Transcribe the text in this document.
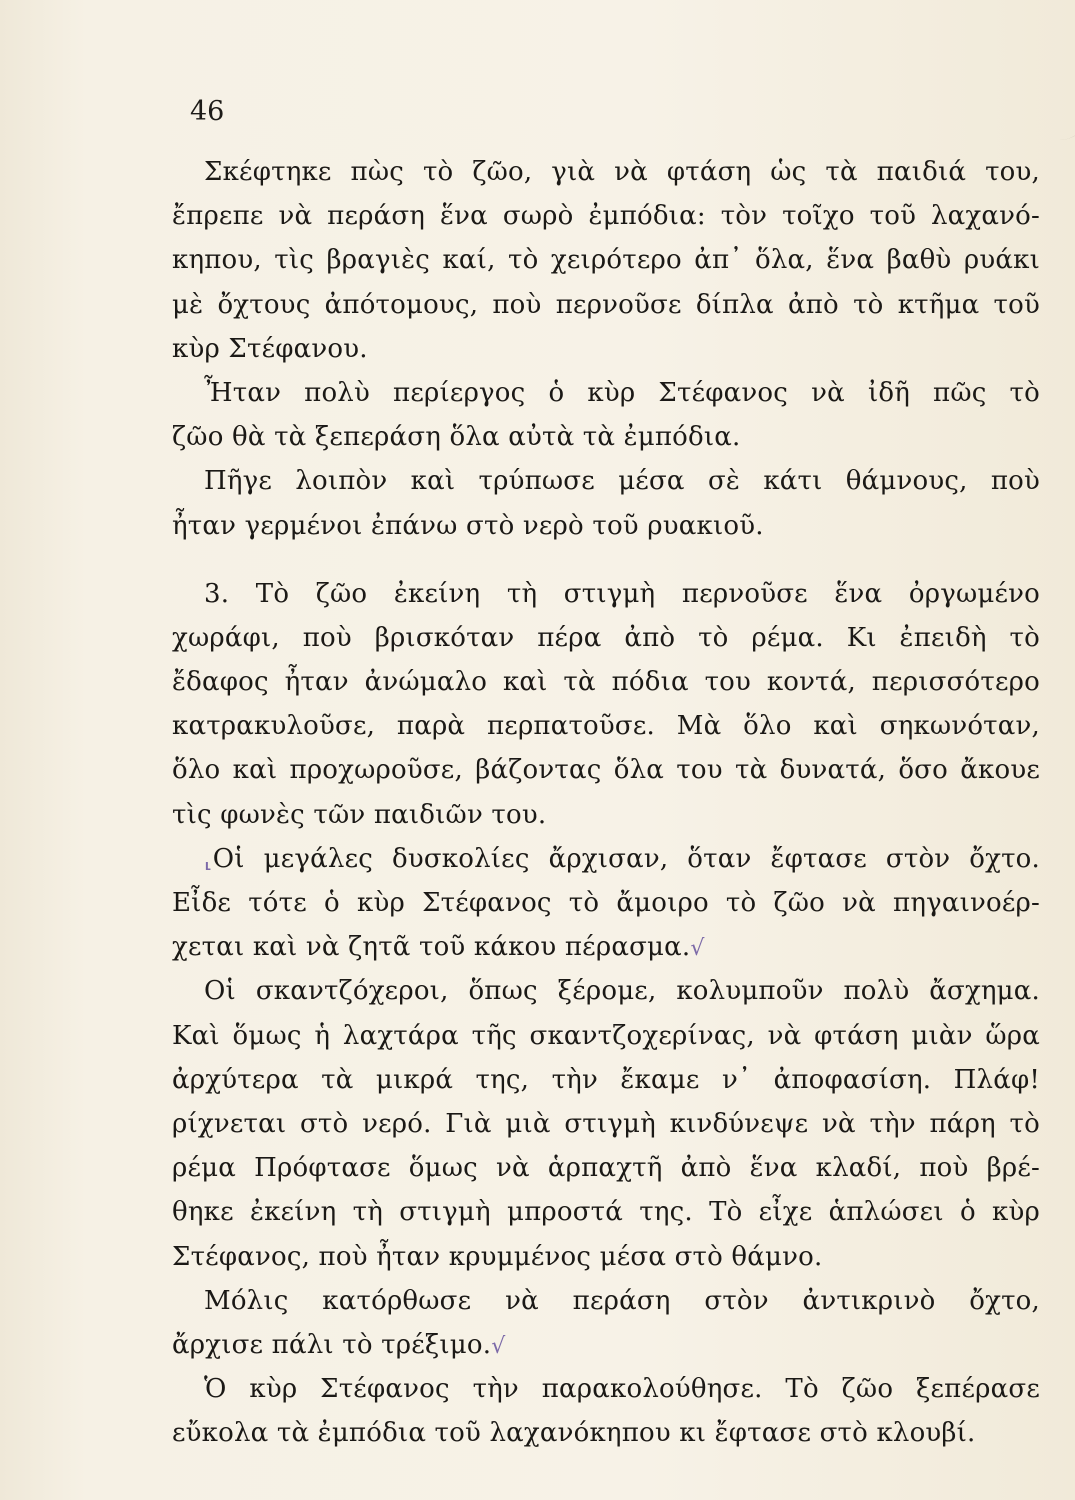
46
Σκέφτηκε πὼς τὸ ζῶο, γιὰ νὰ φτάση ὡς τὰ παιδιά του,
ἔπρεπε νὰ περάση ἕνα σωρὸ ἐμπόδια: τὸν τοῖχο τοῦ λαχανό-
κηπου, τὶς βραγιὲς καί, τὸ χειρότερο ἀπ᾽ ὅλα, ἕνα βαθὺ ρυάκι
μὲ ὄχτους ἀπότομους, ποὺ περνοῦσε δίπλα ἀπὸ τὸ κτῆμα τοῦ
κὺρ Στέφανου.
Ἦταν πολὺ περίεργος ὁ κὺρ Στέφανος νὰ ἰδῆ πῶς τὸ
ζῶο θὰ τὰ ξεπεράση ὅλα αὐτὰ τὰ ἐμπόδια.
Πῆγε λοιπὸν καὶ τρύπωσε μέσα σὲ κάτι θάμνους, ποὺ
ἦταν γερμένοι ἐπάνω στὸ νερὸ τοῦ ρυακιοῦ.
3. Τὸ ζῶο ἐκείνη τὴ στιγμὴ περνοῦσε ἕνα ὀργωμένο
χωράφι, ποὺ βρισκόταν πέρα ἀπὸ τὸ ρέμα. Κι ἐπειδὴ τὸ
ἔδαφος ἦταν ἀνώμαλο καὶ τὰ πόδια του κοντά, περισσότερο
κατρακυλοῦσε, παρὰ περπατοῦσε. Μὰ ὅλο καὶ σηκωνόταν,
ὅλο καὶ προχωροῦσε, βάζοντας ὅλα του τὰ δυνατά, ὅσο ἄκουε
τὶς φωνὲς τῶν παιδιῶν του.
⸤Οἱ μεγάλες δυσκολίες ἄρχισαν, ὅταν ἔφτασε στὸν ὄχτο.
Εἶδε τότε ὁ κὺρ Στέφανος τὸ ἄμοιρο τὸ ζῶο νὰ πηγαινοέρ-
χεται καὶ νὰ ζητᾶ τοῦ κάκου πέρασμα.√
Οἱ σκαντζόχεροι, ὅπως ξέρομε, κολυμποῦν πολὺ ἄσχημα.
Καὶ ὅμως ἡ λαχτάρα τῆς σκαντζοχερίνας, νὰ φτάση μιὰν ὥρα
ἀρχύτερα τὰ μικρά της, τὴν ἔκαμε ν᾽ ἀποφασίση. Πλάφ!
ρίχνεται στὸ νερό. Γιὰ μιὰ στιγμὴ κινδύνεψε νὰ τὴν πάρη τὸ
ρέμα Πρόφτασε ὅμως νὰ ἁρπαχτῆ ἀπὸ ἕνα κλαδί, ποὺ βρέ-
θηκε ἐκείνη τὴ στιγμὴ μπροστά της. Τὸ εἶχε ἁπλώσει ὁ κὺρ
Στέφανος, ποὺ ἦταν κρυμμένος μέσα στὸ θάμνο.
Μόλις κατόρθωσε νὰ περάση στὸν ἀντικρινὸ ὄχτο,
ἄρχισε πάλι τὸ τρέξιμο.√
Ὁ κὺρ Στέφανος τὴν παρακολούθησε. Τὸ ζῶο ξεπέρασε
εὔκολα τὰ ἐμπόδια τοῦ λαχανόκηπου κι ἔφτασε στὸ κλουβί.
